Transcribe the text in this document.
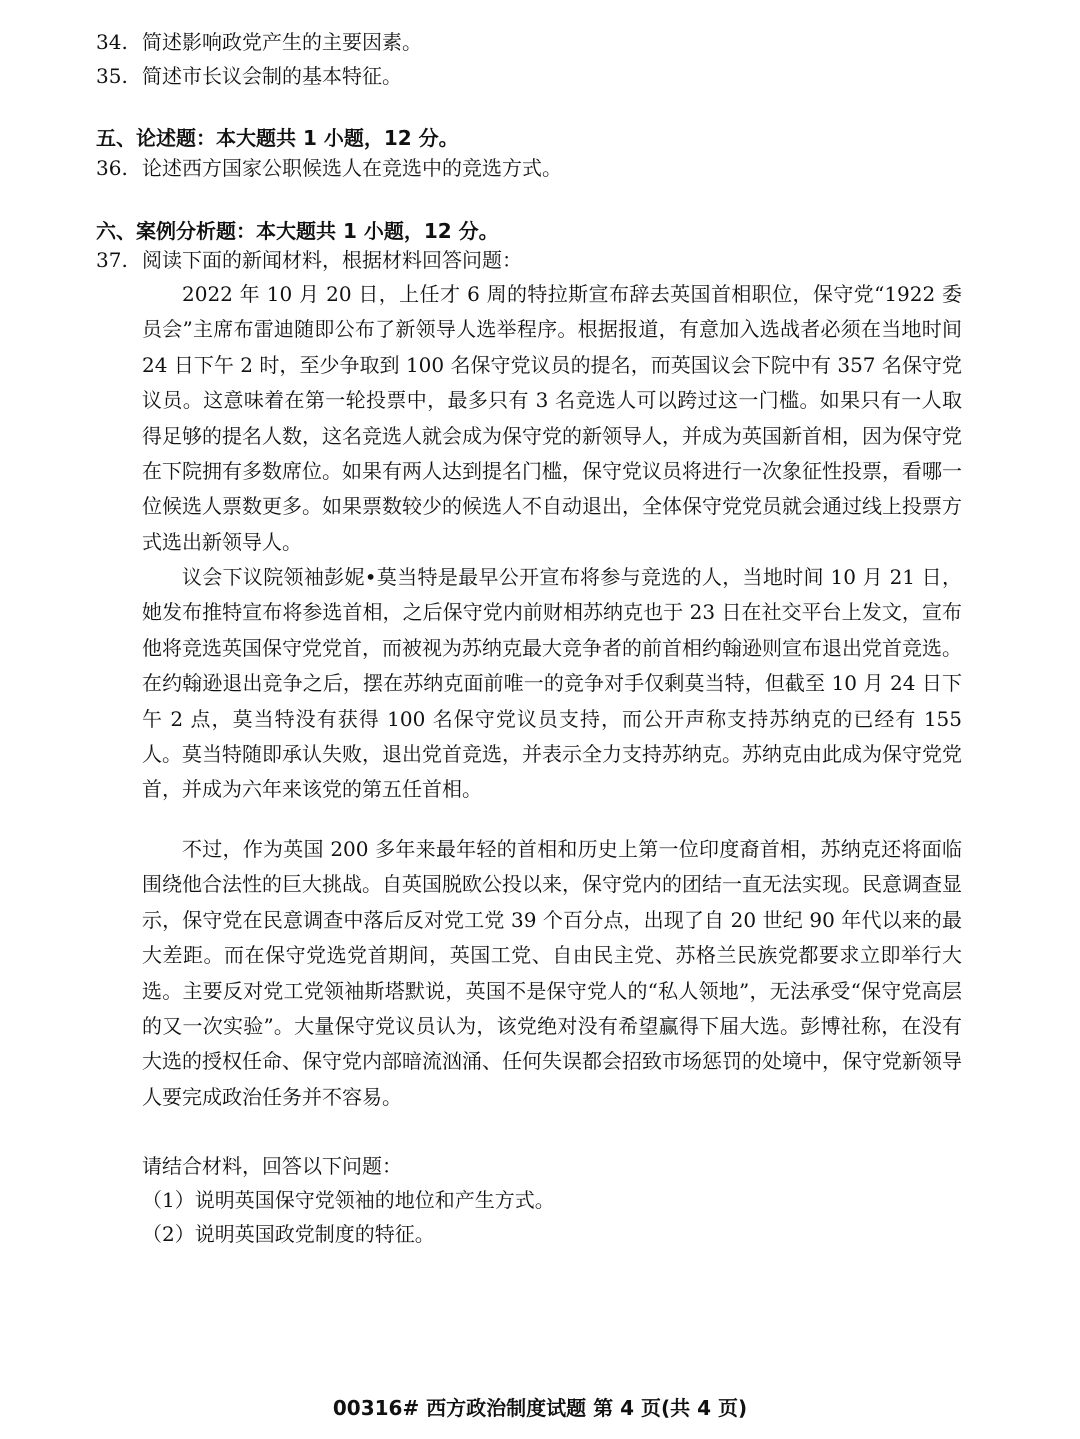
34. 简述影响政党产生的主要因素。
35. 简述市长议会制的基本特征。
五、论述题：本大题共 1 小题，12 分。
36. 论述西方国家公职候选人在竞选中的竞选方式。
六、案例分析题：本大题共 1 小题，12 分。
37. 阅读下面的新闻材料，根据材料回答问题：
2022 年 10 月 20 日，上任才 6 周的特拉斯宣布辞去英国首相职位，保守党“1922 委员会”主席布雷迪随即公布了新领导人选举程序。根据报道，有意加入选战者必须在当地时间 24 日下午 2 时，至少争取到 100 名保守党议员的提名，而英国议会下院中有 357 名保守党议员。这意味着在第一轮投票中，最多只有 3 名竞选人可以跨过这一门槛。如果只有一人取得足够的提名人数，这名竞选人就会成为保守党的新领导人，并成为英国新首相，因为保守党在下院拥有多数席位。如果有两人达到提名门槛，保守党议员将进行一次象征性投票，看哪一位候选人票数更多。如果票数较少的候选人不自动退出，全体保守党党员就会通过线上投票方式选出新领导人。
议会下议院领袖彭妮•莫当特是最早公开宣布将参与竞选的人，当地时间 10 月 21 日，她发布推特宣布将参选首相，之后保守党内前财相苏纳克也于 23 日在社交平台上发文，宣布他将竞选英国保守党党首，而被视为苏纳克最大竞争者的前首相约翰逊则宣布退出党首竞选。在约翰逊退出竞争之后，摆在苏纳克面前唯一的竞争对手仅剩莫当特，但截至 10 月 24 日下午 2 点，莫当特没有获得 100 名保守党议员支持，而公开声称支持苏纳克的已经有 155 人。莫当特随即承认失败，退出党首竞选，并表示全力支持苏纳克。苏纳克由此成为保守党党首，并成为六年来该党的第五任首相。
不过，作为英国 200 多年来最年轻的首相和历史上第一位印度裔首相，苏纳克还将面临围绕他合法性的巨大挑战。自英国脱欧公投以来，保守党内的团结一直无法实现。民意调查显示，保守党在民意调查中落后反对党工党 39 个百分点，出现了自 20 世纪 90 年代以来的最大差距。而在保守党选党首期间，英国工党、自由民主党、苏格兰民族党都要求立即举行大选。主要反对党工党领袖斯塔默说，英国不是保守党人的“私人领地”，无法承受“保守党高层的又一次实验”。大量保守党议员认为，该党绝对没有希望赢得下届大选。彭博社称，在没有大选的授权任命、保守党内部暗流汹涌、任何失误都会招致市场惩罚的处境中，保守党新领导人要完成政治任务并不容易。
请结合材料，回答以下问题：
（1）说明英国保守党领袖的地位和产生方式。
（2）说明英国政党制度的特征。
00316# 西方政治制度试题 第 4 页(共 4 页)
